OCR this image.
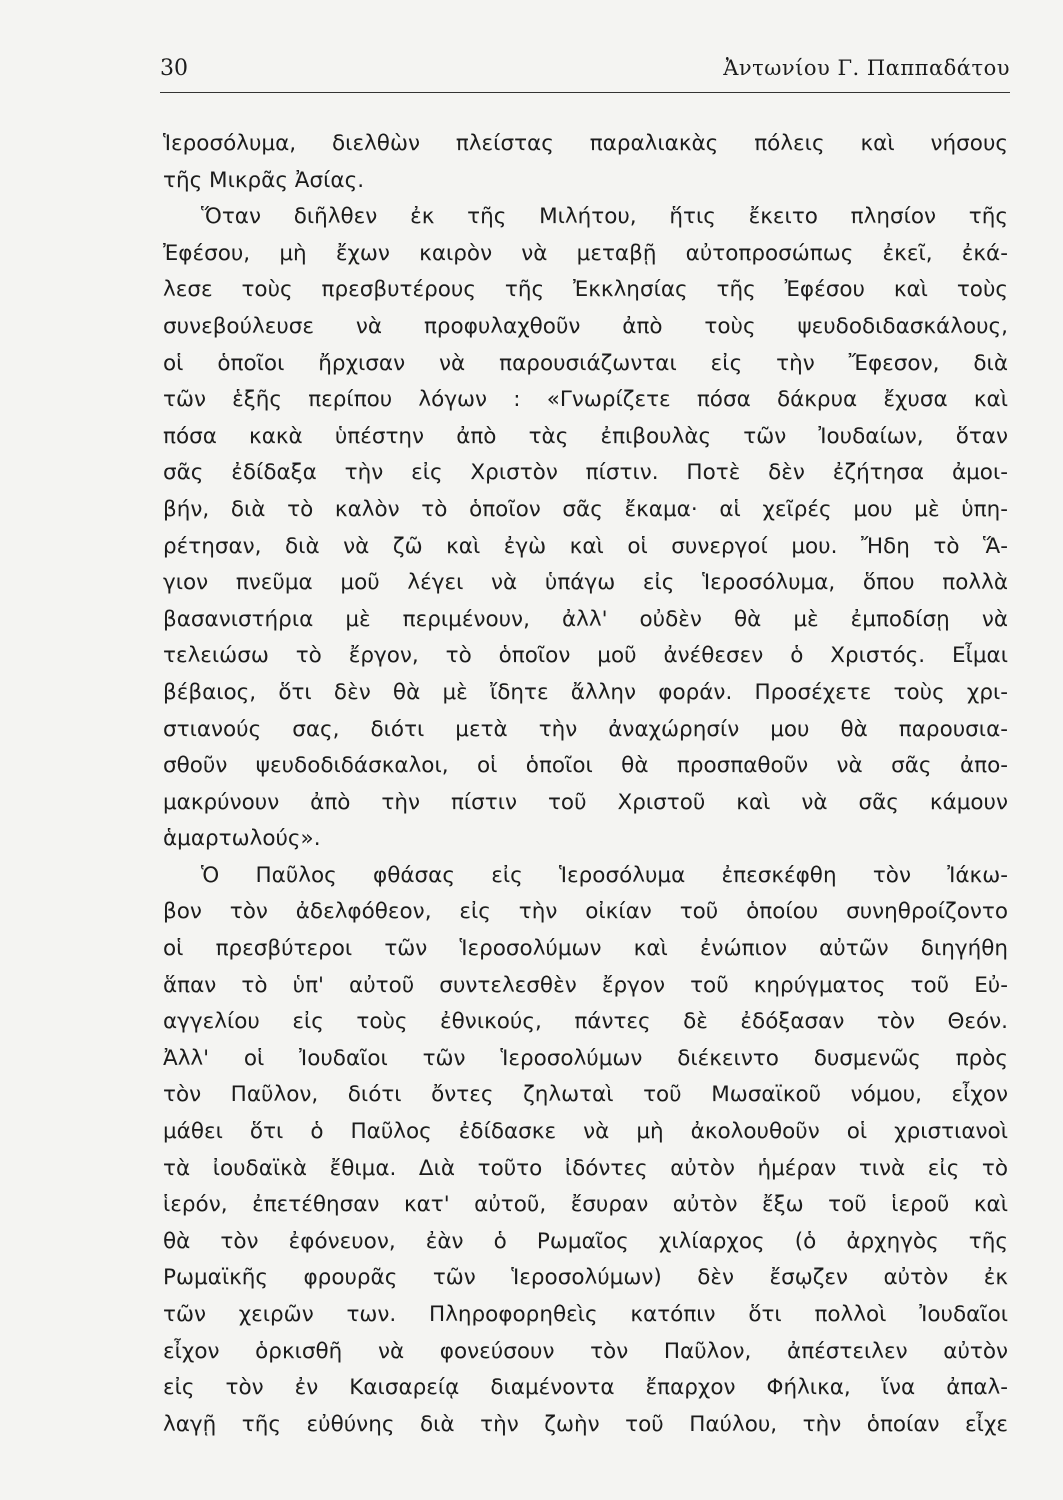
30	Ἀντωνίου Γ. Παππαδάτου
Ἱεροσόλυμα, διελθὼν πλείστας παραλιακὰς πόλεις καὶ νήσους
τῆς Μικρᾶς Ἀσίας.
Ὅταν διῆλθεν ἐκ τῆς Μιλήτου, ἥτις ἔκειτο πλησίον τῆς
Ἐφέσου, μὴ ἔχων καιρὸν νὰ μεταβῇ αὐτοπροσώπως ἐκεῖ, ἐκά-
λεσε τοὺς πρεσβυτέρους τῆς Ἐκκλησίας τῆς Ἐφέσου καὶ τοὺς
συνεβούλευσε νὰ προφυλαχθοῦν ἀπὸ τοὺς ψευδοδιδασκάλους,
οἱ ὁποῖοι ἤρχισαν νὰ παρουσιάζωνται εἰς τὴν Ἔφεσον, διὰ
τῶν ἑξῆς περίπου λόγων : «Γνωρίζετε πόσα δάκρυα ἔχυσα καὶ
πόσα κακὰ ὑπέστην ἀπὸ τὰς ἐπιβουλὰς τῶν Ἰουδαίων, ὅταν
σᾶς ἐδίδαξα τὴν εἰς Χριστὸν πίστιν. Ποτὲ δὲν ἐζήτησα ἀμοι-
βήν, διὰ τὸ καλὸν τὸ ὁποῖον σᾶς ἔκαμα· αἱ χεῖρές μου μὲ ὑπη-
ρέτησαν, διὰ νὰ ζῶ καὶ ἐγὼ καὶ οἱ συνεργοί μου. Ἤδη τὸ Ἅ-
γιον πνεῦμα μοῦ λέγει νὰ ὑπάγω εἰς Ἱεροσόλυμα, ὅπου πολλὰ
βασανιστήρια μὲ περιμένουν, ἀλλ' οὐδὲν θὰ μὲ ἐμποδίσῃ νὰ
τελειώσω τὸ ἔργον, τὸ ὁποῖον μοῦ ἀνέθεσεν ὁ Χριστός. Εἶμαι
βέβαιος, ὅτι δὲν θὰ μὲ ἴδητε ἄλλην φοράν. Προσέχετε τοὺς χρι-
στιανούς σας, διότι μετὰ τὴν ἀναχώρησίν μου θὰ παρουσια-
σθοῦν ψευδοδιδάσκαλοι, οἱ ὁποῖοι θὰ προσπαθοῦν νὰ σᾶς ἀπο-
μακρύνουν ἀπὸ τὴν πίστιν τοῦ Χριστοῦ καὶ νὰ σᾶς κάμουν
ἁμαρτωλούς».
Ὁ Παῦλος φθάσας εἰς Ἱεροσόλυμα ἐπεσκέφθη τὸν Ἰάκω-
βον τὸν ἀδελφόθεον, εἰς τὴν οἰκίαν τοῦ ὁποίου συνηθροίζοντο
οἱ πρεσβύτεροι τῶν Ἱεροσολύμων καὶ ἐνώπιον αὐτῶν διηγήθη
ἅπαν τὸ ὑπ' αὐτοῦ συντελεσθὲν ἔργον τοῦ κηρύγματος τοῦ Εὐ-
αγγελίου εἰς τοὺς ἐθνικούς, πάντες δὲ ἐδόξασαν τὸν Θεόν.
Ἀλλ' οἱ Ἰουδαῖοι τῶν Ἱεροσολύμων διέκειντο δυσμενῶς πρὸς
τὸν Παῦλον, διότι ὄντες ζηλωταὶ τοῦ Μωσαϊκοῦ νόμου, εἶχον
μάθει ὅτι ὁ Παῦλος ἐδίδασκε νὰ μὴ ἀκολουθοῦν οἱ χριστιανοὶ
τὰ ἰουδαϊκὰ ἔθιμα. Διὰ τοῦτο ἰδόντες αὐτὸν ἡμέραν τινὰ εἰς τὸ
ἱερόν, ἐπετέθησαν κατ' αὐτοῦ, ἔσυραν αὐτὸν ἔξω τοῦ ἱεροῦ καὶ
θὰ τὸν ἐφόνευον, ἐὰν ὁ Ρωμαῖος χιλίαρχος (ὁ ἀρχηγὸς τῆς
Ρωμαϊκῆς φρουρᾶς τῶν Ἱεροσολύμων) δὲν ἔσῳζεν αὐτὸν ἐκ
τῶν χειρῶν των. Πληροφορηθεὶς κατόπιν ὅτι πολλοὶ Ἰουδαῖοι
εἶχον ὁρκισθῆ νὰ φονεύσουν τὸν Παῦλον, ἀπέστειλεν αὐτὸν
εἰς τὸν ἐν Καισαρείᾳ διαμένοντα ἔπαρχον Φήλικα, ἵνα ἀπαλ-
λαγῇ τῆς εὐθύνης διὰ τὴν ζωὴν τοῦ Παύλου, τὴν ὁποίαν εἶχε
